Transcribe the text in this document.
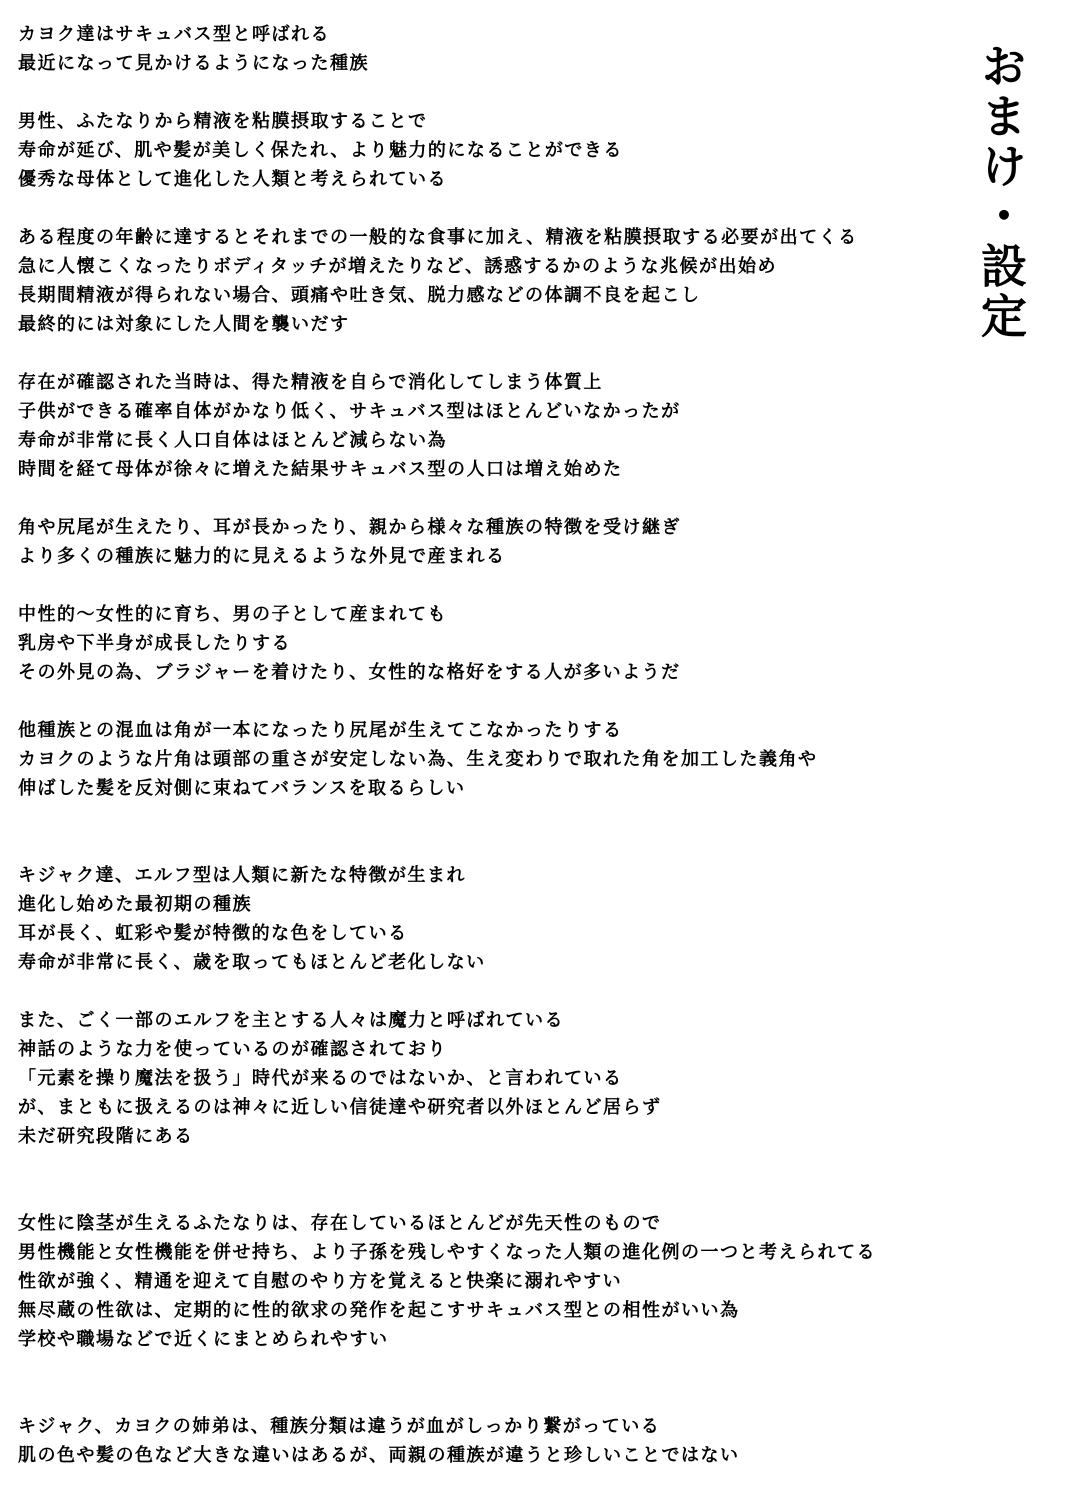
おまけ・設定
カヨク達はサキュバス型と呼ばれる
最近になって見かけるようになった種族
男性、ふたなりから精液を粘膜摂取することで
寿命が延び、肌や髪が美しく保たれ、より魅力的になることができる
優秀な母体として進化した人類と考えられている
ある程度の年齢に達するとそれまでの一般的な食事に加え、精液を粘膜摂取する必要が出てくる
急に人懐こくなったりボディタッチが増えたりなど、誘惑するかのような兆候が出始め
長期間精液が得られない場合、頭痛や吐き気、脱力感などの体調不良を起こし
最終的には対象にした人間を襲いだす
存在が確認された当時は、得た精液を自らで消化してしまう体質上
子供ができる確率自体がかなり低く、サキュバス型はほとんどいなかったが
寿命が非常に長く人口自体はほとんど減らない為
時間を経て母体が徐々に増えた結果サキュバス型の人口は増え始めた
角や尻尾が生えたり、耳が長かったり、親から様々な種族の特徴を受け継ぎ
より多くの種族に魅力的に見えるような外見で産まれる
中性的～女性的に育ち、男の子として産まれても
乳房や下半身が成長したりする
その外見の為、ブラジャーを着けたり、女性的な格好をする人が多いようだ
他種族との混血は角が一本になったり尻尾が生えてこなかったりする
カヨクのような片角は頭部の重さが安定しない為、生え変わりで取れた角を加工した義角や
伸ばした髪を反対側に束ねてバランスを取るらしい
キジャク達、エルフ型は人類に新たな特徴が生まれ
進化し始めた最初期の種族
耳が長く、虹彩や髪が特徴的な色をしている
寿命が非常に長く、歳を取ってもほとんど老化しない
また、ごく一部のエルフを主とする人々は魔力と呼ばれている
神話のような力を使っているのが確認されており
「元素を操り魔法を扱う」時代が来るのではないか、と言われている
が、まともに扱えるのは神々に近しい信徒達や研究者以外ほとんど居らず
未だ研究段階にある
女性に陰茎が生えるふたなりは、存在しているほとんどが先天性のもので
男性機能と女性機能を併せ持ち、より子孫を残しやすくなった人類の進化例の一つと考えられてる
性欲が強く、精通を迎えて自慰のやり方を覚えると快楽に溺れやすい
無尽蔵の性欲は、定期的に性的欲求の発作を起こすサキュバス型との相性がいい為
学校や職場などで近くにまとめられやすい
キジャク、カヨクの姉弟は、種族分類は違うが血がしっかり繋がっている
肌の色や髪の色など大きな違いはあるが、両親の種族が違うと珍しいことではない
